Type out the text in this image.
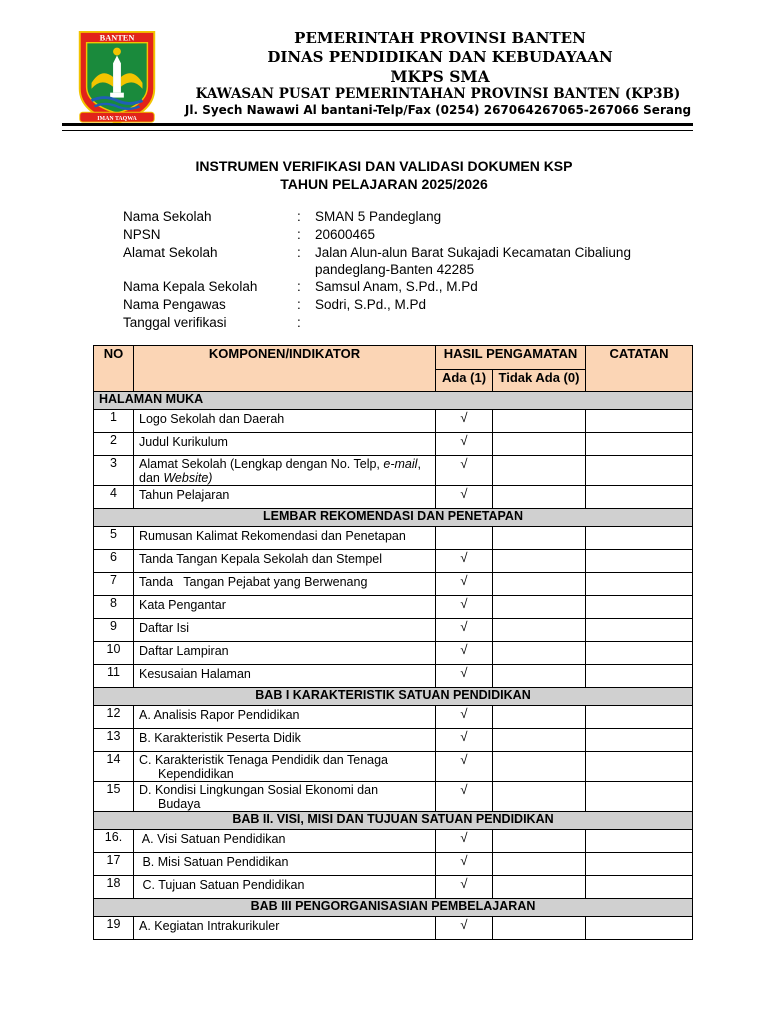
BANTEN
IMAN TAQWA
PEMERINTAH PROVINSI BANTEN
DINAS PENDIDIKAN DAN KEBUDAYAAN
MKPS SMA
KAWASAN PUSAT PEMERINTAHAN PROVINSI BANTEN (KP3B)
Jl. Syech Nawawi Al bantani-Telp/Fax (0254) 267064267065-267066 Serang
INSTRUMEN VERIFIKASI DAN VALIDASI DOKUMEN KSP
TAHUN PELAJARAN 2025/2026
Nama Sekolah	: SMAN 5 Pandeglang
NPSN	: 20600465
Alamat Sekolah	: Jalan Alun-alun Barat Sukajadi Kecamatan Cibaliung pandeglang-Banten 42285
Nama Kepala Sekolah	: Samsul Anam, S.Pd., M.Pd
Nama Pengawas	: Sodri, S.Pd., M.Pd
Tanggal verifikasi	:
NO	KOMPONEN/INDIKATOR	HASIL PENGAMATAN		CATATAN
		Ada (1)	Tidak Ada (0)	
HALAMAN MUKA				
1	Logo Sekolah dan Daerah	√		
2	Judul Kurikulum	√		
3	Alamat Sekolah (Lengkap dengan No. Telp, e-mail, dan Website)	√		
4	Tahun Pelajaran	√		
LEMBAR REKOMENDASI DAN PENETAPAN				
5	Rumusan Kalimat Rekomendasi dan Penetapan			

6	Tanda Tangan Kepala Sekolah dan Stempel	√		
7	Tanda   Tangan Pejabat yang Berwenang	√		
8	Kata Pengantar	√		
9	Daftar Isi	√		
10	Daftar Lampiran	√		
11	Kesusaian Halaman	√		
BAB I KARAKTERISTIK SATUAN PENDIDIKAN				
12	A. Analisis Rapor Pendidikan	√		
13	B. Karakteristik Peserta Didik	√		
14	C. Karakteristik Tenaga Pendidik dan Tenaga
Kependidikan	√		
15	D. Kondisi Lingkungan Sosial Ekonomi dan
Budaya	√		
BAB II. VISI, MISI DAN TUJUAN SATUAN PENDIDIKAN				
16.	A. Visi Satuan Pendidikan	√		
17	B. Misi Satuan Pendidikan	√		
18	C. Tujuan Satuan Pendidikan	√		
BAB III PENGORGANISASIAN PEMBELAJARAN				
19	A. Kegiatan Intrakurikuler	√		
